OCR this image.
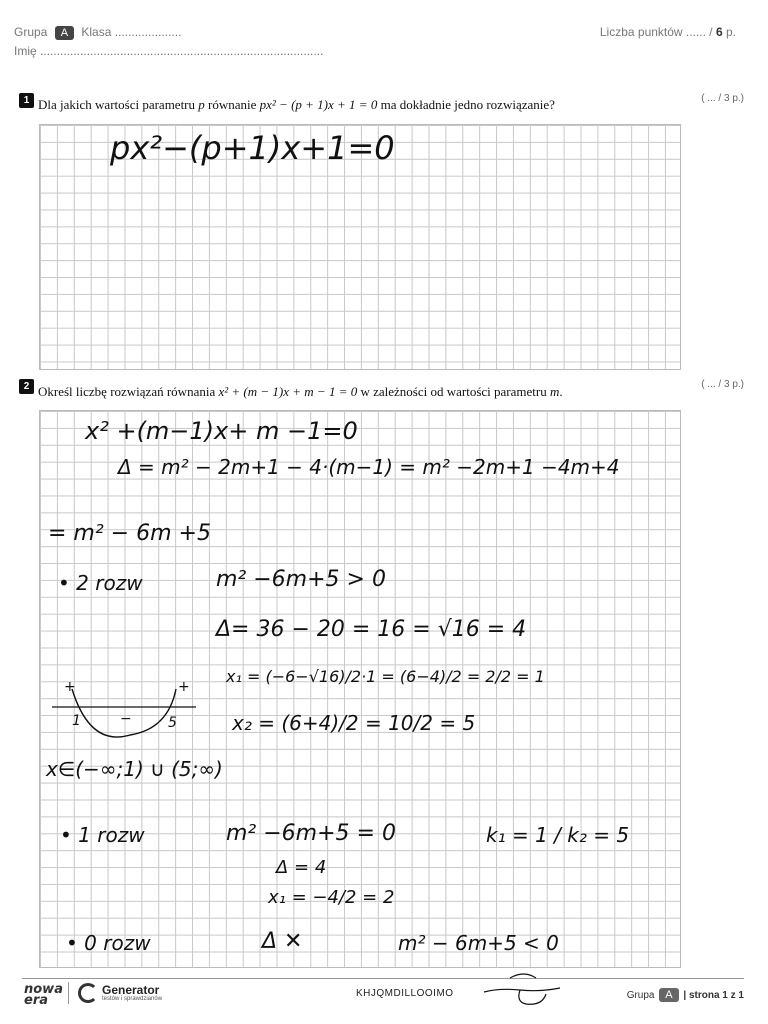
Grupa A Klasa ....................
Imię .....................................................................................
Liczba punktów ...... / 6 p.
1 Dla jakich wartości parametru p równanie px² − (p + 1)x + 1 = 0 ma dokładnie jedno rozwiązanie?	( ... / 3 p.)
px²−(p+1)x+1=0
2 Określ liczbę rozwiązań równania x² + (m − 1)x + m − 1 = 0 w zależności od wartości parametru m.	( ... / 3 p.)
x² +(m−1)x+ m −1=0
Δ = m² − 2m+1 − 4·(m−1) = m² −2m+1 −4m+4
= m² − 6m +5
• 2 rozw	m² −6m+5 > 0
Δ= 36 − 20 = 16 = √16 = 4
x₁ = (−6−√16)/2·1 = (6−4)/2 = 2/2 = 1
x₂ = (6+4)/2 = 10/2 = 5
+	+
1	−	5
x∈(−∞;1) ∪ (5;∞)
• 1 rozw	m² −6m+5 = 0	k₁ = 1 / k₂ = 5
Δ = 4
x₁ = −4/2 = 2
• 0 rozw	Δ ✕	m² − 6m+5 < 0
nowa
era
Generator
testów i sprawdzianów	KHJQMDILLOOIMO	Grupa A | strona 1 z 1
